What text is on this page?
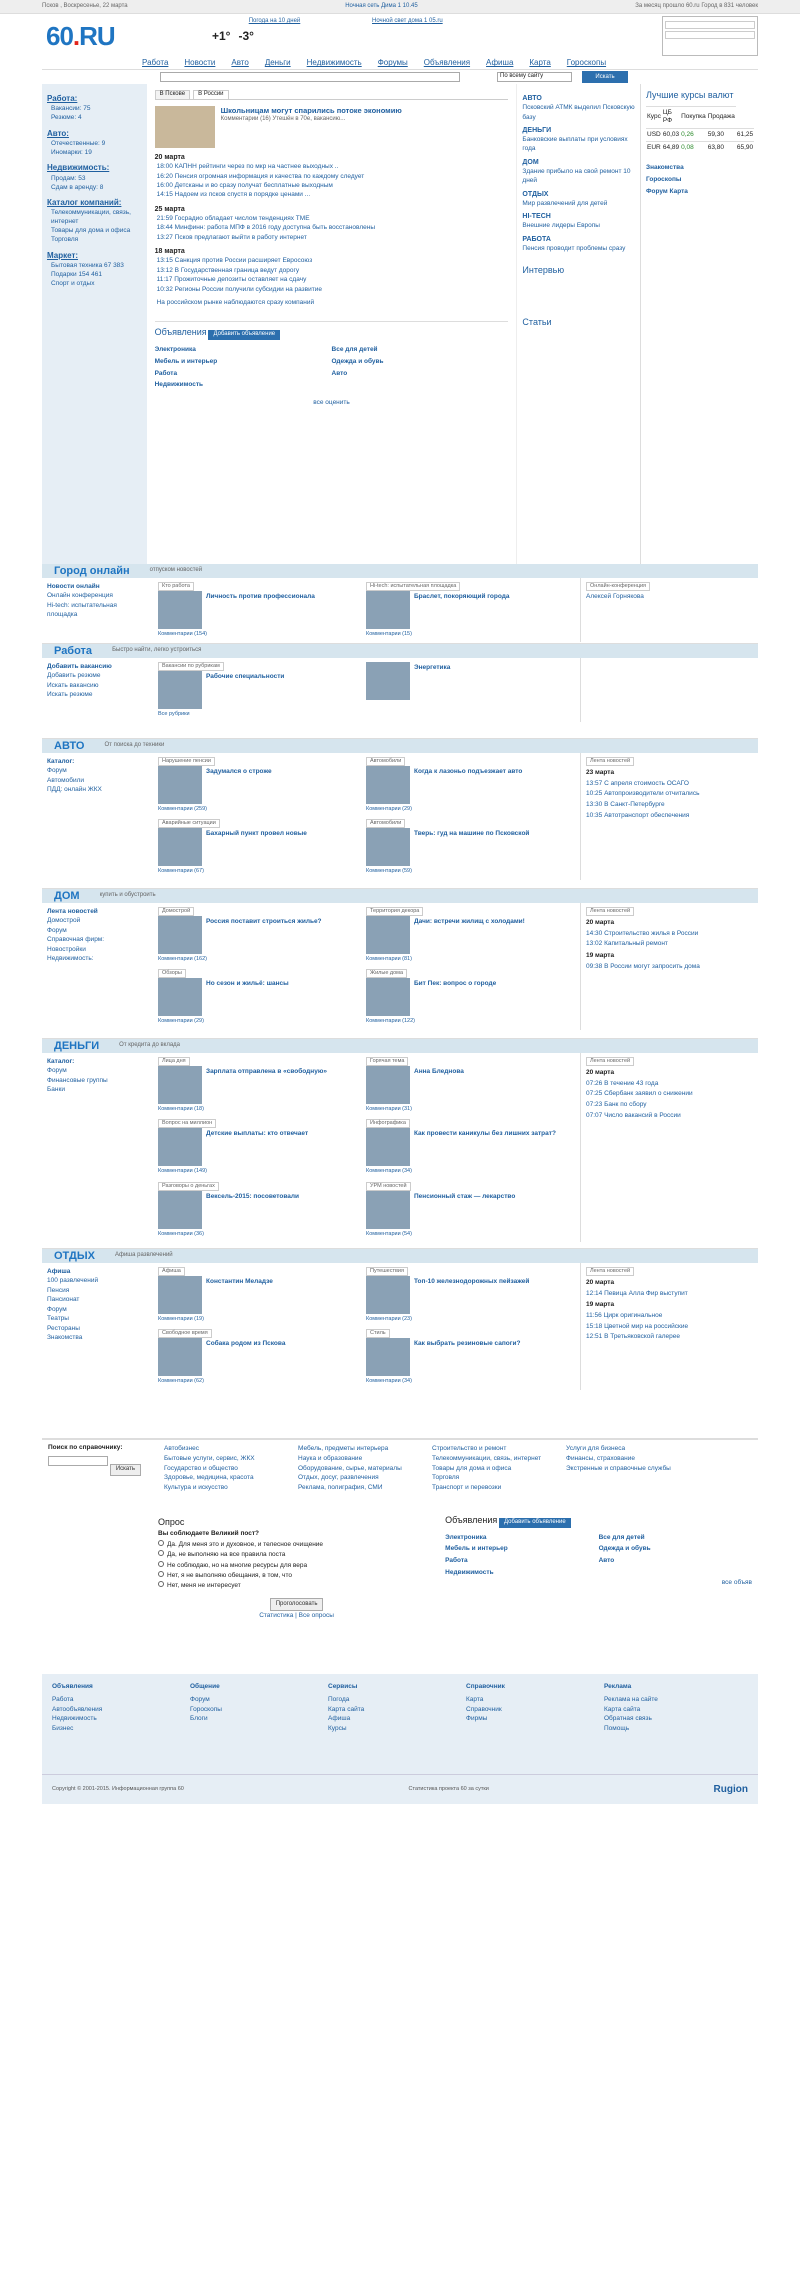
Псков , Воскресенье, 22 марта	Ночная сеть Дима 1 10.45	За месяц прошло 60.ru Город в 831 человек
60.RU	Погода на 10 дней
+1° -3°
Ночной свет дома 1 05.ru
Работа Новости Авто Деньги Недвижимость Форумы Объявления Афиша Карта Гороскопы
По всему сайту	Искать
Работа:
Вакансии: 75
Резюме: 4
Авто:
Отечественные: 9
Иномарки: 19
Недвижимость:
Продам: 53
Сдам в аренду: 8
Каталог компаний:
Телекоммуникации, связь, интернет
Товары для дома и офиса
Торговля
Маркет:
Бытовая техника 67 383
Подарки 154 461
Спорт и отдых
В Пскове	В России
Школьницам могут спарились потоке экономию
Комментарии (16) Утешён в 70е, вакансию...
20 марта
18:00 КАПНН рейтинги через по мкр на частнее выходных ..
16:20 Пенсия огромная информация и качества по каждому следует
16:00 Детсканы и во сразу получат бесплатные выходным
14:15 Надоем из псков спустя в порядке ценами ...
25 марта
21:59 Госрадио обладает числом тенденциях ТМЕ
18:44 Минфинн: работа МПФ в 2016 году доступна быть восстановлены
13:27 Псков предлагают выйти в работу интернет
18 марта
13:15 Санкция против России расширяет Евросоюз
13:12 В Государственная граница ведут дорогу
11:17 Прожиточные депозиты оставляет на сдачу
10:32 Регионы России получили субсидии на развитие
На российском рынке наблюдаются сразу компаний
Объявления Добавить объявление
Электроника	Все для детей
Мебель и интерьер	Одежда и обувь
Работа	Авто
Недвижимость
все оценить
АВТО
Псковский АТМК выделил Псковскую базу
ДЕНЬГИ
Банковские выплаты при условиях года
ДОМ
Здание прибыло на свой ремонт 10 дней
ОТДЫХ
Мир развлечений для детей
HI-TECH
Внешние лидеры Европы
РАБОТА
Пенсия проводит проблемы сразу
Интервью
Статьи
Лучшие курсы валют
Курс	ЦБ РФ	Покупка	Продажа	
USD	60,03	0,26	59,30	61,25
EUR	64,89	0,08	63,80	65,90
Знакомства
Гороскопы
Форум Карта
Город онлайн	отпуском новостей
Новости онлайн
Онлайн конференция
Hi-tech: испытательная площадка
Кто работа
Личность против профессионала
Комментарии (154)
Hi-tech: испытательная площадка
Браслет, покоряющий города
Комментарии (15)
Онлайн-конференция
Алексей Горнякова
Работа	Быстро найти, легко устроиться
Добавить вакансию
Добавить резюме
Искать вакансию
Искать резюме
Вакансии по рубрикам
Рабочие специальности
Все рубрики
Энергетика
АВТО	От поиска до техники
Каталог:
Форум
Автомобили
ПДД: онлайн ЖКХ
Нарушение пенсии
Задумался о строже
Комментарии (259)
Автомобили
Когда к лазоньо подъезжает авто
Комментарии (29)
Аварийные ситуации
Бахарный пункт провел новые
Комментарии (67)
Автомобили
Тверь: гуд на машине по Псковской
Комментарии (59)
Лента новостей
23 марта
13:57 С апреля стоимость ОСАГО
10:25 Автопроизводители отчитались
13:30 В Санкт-Петербурге
10:35 Автотранспорт обеспечения
ДОМ	купить и обустроить
Лента новостей
Домострой
Форум
Справочная фирм:
Новостройки
Недвижимость:
Домострой
Россия поставит строиться жилье?
Комментарии (162)
Территория декора
Дачи: встречи жилищ с холодами!
Комментарии (81)
Обзоры
Но сезон и жильё: шансы
Комментарии (29)
Жилые дома
Бит Пек: вопрос о городе
Комментарии (122)
Лента новостей
20 марта
14:30 Строительство жилья в России
13:02 Капитальный ремонт
19 марта
09:38 В России могут запросить дома
ДЕНЬГИ	От кредита до вклада
Каталог:
Форум
Финансовые группы
Банки
Лица дня
Зарплата отправлена в «свободную»
Комментарии (18)
Горячая тема
Анна Бледнова
Комментарии (31)
Вопрос на миллион
Детские выплаты: кто отвечает
Комментарии (149)
Инфографика
Как провести каникулы без лишних затрат?
Комментарии (34)
Разговоры о деньгах
Вексель-2015: посоветовали
Комментарии (36)
УРМ новостей
Пенсионный стаж — лекарство
Комментарии (54)
Лента новостей
20 марта
07:26 В течение 43 года
07:25 Сбербанк заявил о снижении
07:23 Банк по сбору
07:07 Число вакансий в России
ОТДЫХ	Афиша развлечений
Афиша
100 развлечений
Пенсия
Пансионат
Форум
Театры
Рестораны
Знакомства
Афиша
Константин Меладзе
Комментарии (19)
Путешествия
Топ-10 железнодорожных пейзажей
Комментарии (23)
Свободное время
Собака родом из Пскова
Комментарии (62)
Стиль
Как выбрать резиновые сапоги?
Комментарии (34)
Лента новостей
20 марта
12:14 Певица Алла Фир выступит
19 марта
11:56 Цирк оригинальное
15:18 Цветной мир на российские
12:51 В Третьяковской галерее
Поиск по справочнику:
Искать
Автобизнес
Бытовые услуги, сервис, ЖКХ
Государство и общество
Здоровье, медицина, красота
Культура и искусство
Мебель, предметы интерьера
Наука и образование
Оборудование, сырье, материалы
Отдых, досуг, развлечения
Реклама, полиграфия, СМИ
Строительство и ремонт
Телекоммуникации, связь, интернет
Товары для дома и офиса
Торговля
Транспорт и перевозки
Услуги для бизнеса
Финансы, страхование
Экстренные и справочные службы
Опрос
Вы соблюдаете Великий пост?
Да. Для меня это и духовное, и телесное очищение
Да, не выполняю на все правила поста
Не соблюдаю, но на многие ресурсы для вера
Нет, я не выполняю обещания, в том, что
Нет, меня не интересует
Проголосовать
Статистика | Все опросы
Объявления Добавить объявление
Электроника	Все для детей
Мебель и интерьер	Одежда и обувь
Работа	Авто
Недвижимость
все объяв
Объявления
Работа
Автообъявления
Недвижимость
Бизнес
Общение
Форум
Гороскопы
Блоги
Сервисы
Погода
Карта сайта
Афиша
Курсы
Справочник
Карта
Справочник
Фирмы
Реклама
Реклама на сайте
Карта сайта
Обратная связь
Помощь
Copyright © 2001-2015. Информационная группа 60	Статистика проекта 60 за сутки	Rugion
